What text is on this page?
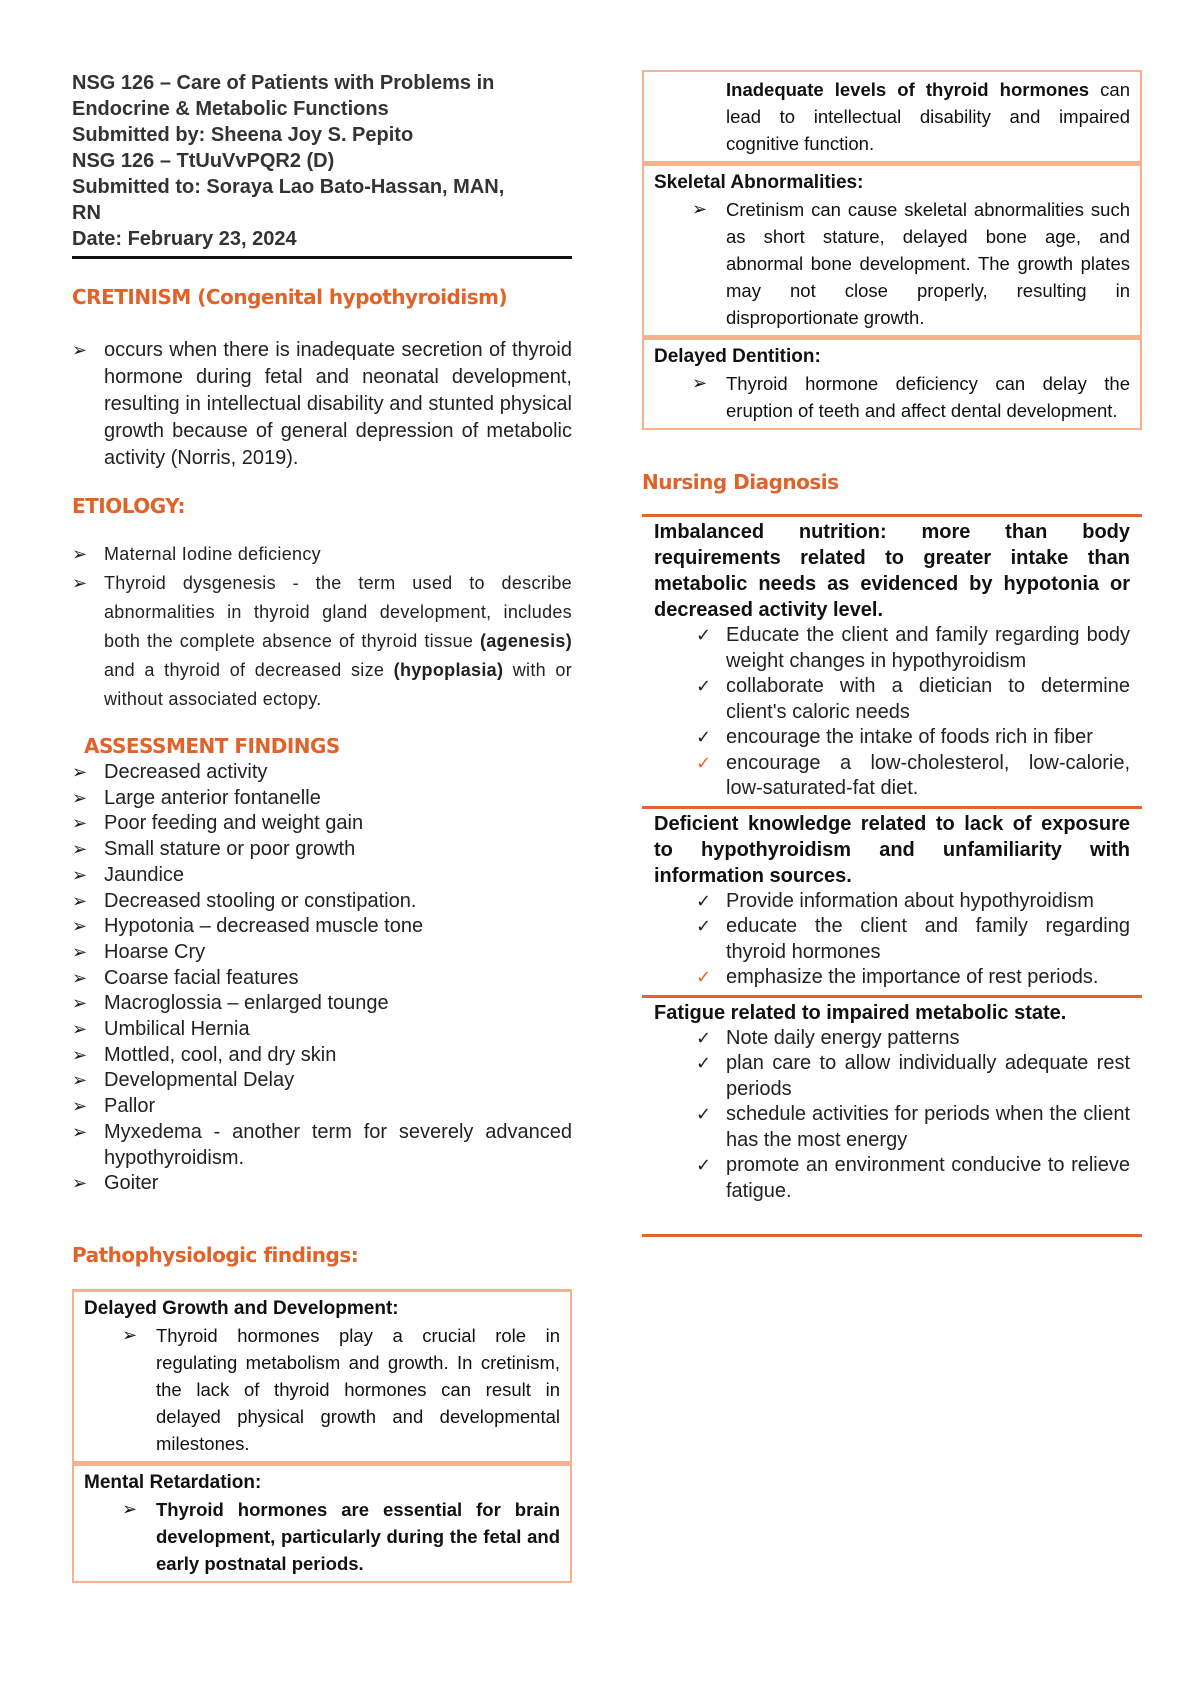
NSG 126 – Care of Patients with Problems in
Endocrine & Metabolic Functions
Submitted by: Sheena Joy S. Pepito
NSG 126 – TtUuVvPQR2 (D)
Submitted to: Soraya Lao Bato-Hassan, MAN,
RN
Date: February 23, 2024
CRETINISM (Congenital hypothyroidism)
➢ occurs when there is inadequate secretion of thyroid hormone during fetal and neonatal development, resulting in intellectual disability and stunted physical growth because of general depression of metabolic activity (Norris, 2019).
ETIOLOGY:
➢ Maternal Iodine deficiency
➢ Thyroid dysgenesis - the term used to describe abnormalities in thyroid gland development, includes both the complete absence of thyroid tissue (agenesis) and a thyroid of decreased size (hypoplasia) with or without associated ectopy.
ASSESSMENT FINDINGS
➢ Decreased activity
➢ Large anterior fontanelle
➢ Poor feeding and weight gain
➢ Small stature or poor growth
➢ Jaundice
➢ Decreased stooling or constipation.
➢ Hypotonia – decreased muscle tone
➢ Hoarse Cry
➢ Coarse facial features
➢ Macroglossia – enlarged tounge
➢ Umbilical Hernia
➢ Mottled, cool, and dry skin
➢ Developmental Delay
➢ Pallor
➢ Myxedema - another term for severely advanced hypothyroidism.
➢ Goiter
Pathophysiologic findings:
Delayed Growth and Development:
➢ Thyroid hormones play a crucial role in regulating metabolism and growth. In cretinism, the lack of thyroid hormones can result in delayed physical growth and developmental milestones.
Mental Retardation:
➢ Thyroid hormones are essential for brain development, particularly during the fetal and early postnatal periods.
Inadequate levels of thyroid hormones can lead to intellectual disability and impaired cognitive function.
Skeletal Abnormalities:
➢ Cretinism can cause skeletal abnormalities such as short stature, delayed bone age, and abnormal bone development. The growth plates may not close properly, resulting in disproportionate growth.
Delayed Dentition:
➢ Thyroid hormone deficiency can delay the eruption of teeth and affect dental development.
Nursing Diagnosis
Imbalanced nutrition: more than body requirements related to greater intake than metabolic needs as evidenced by hypotonia or decreased activity level.
✓ Educate the client and family regarding body weight changes in hypothyroidism
✓ collaborate with a dietician to determine client's caloric needs
✓ encourage the intake of foods rich in fiber
✓ encourage a low-cholesterol, low-calorie, low-saturated-fat diet.
Deficient knowledge related to lack of exposure to hypothyroidism and unfamiliarity with information sources.
✓ Provide information about hypothyroidism
✓ educate the client and family regarding thyroid hormones
✓ emphasize the importance of rest periods.
Fatigue related to impaired metabolic state.
✓ Note daily energy patterns
✓ plan care to allow individually adequate rest periods
✓ schedule activities for periods when the client has the most energy
✓ promote an environment conducive to relieve fatigue.
